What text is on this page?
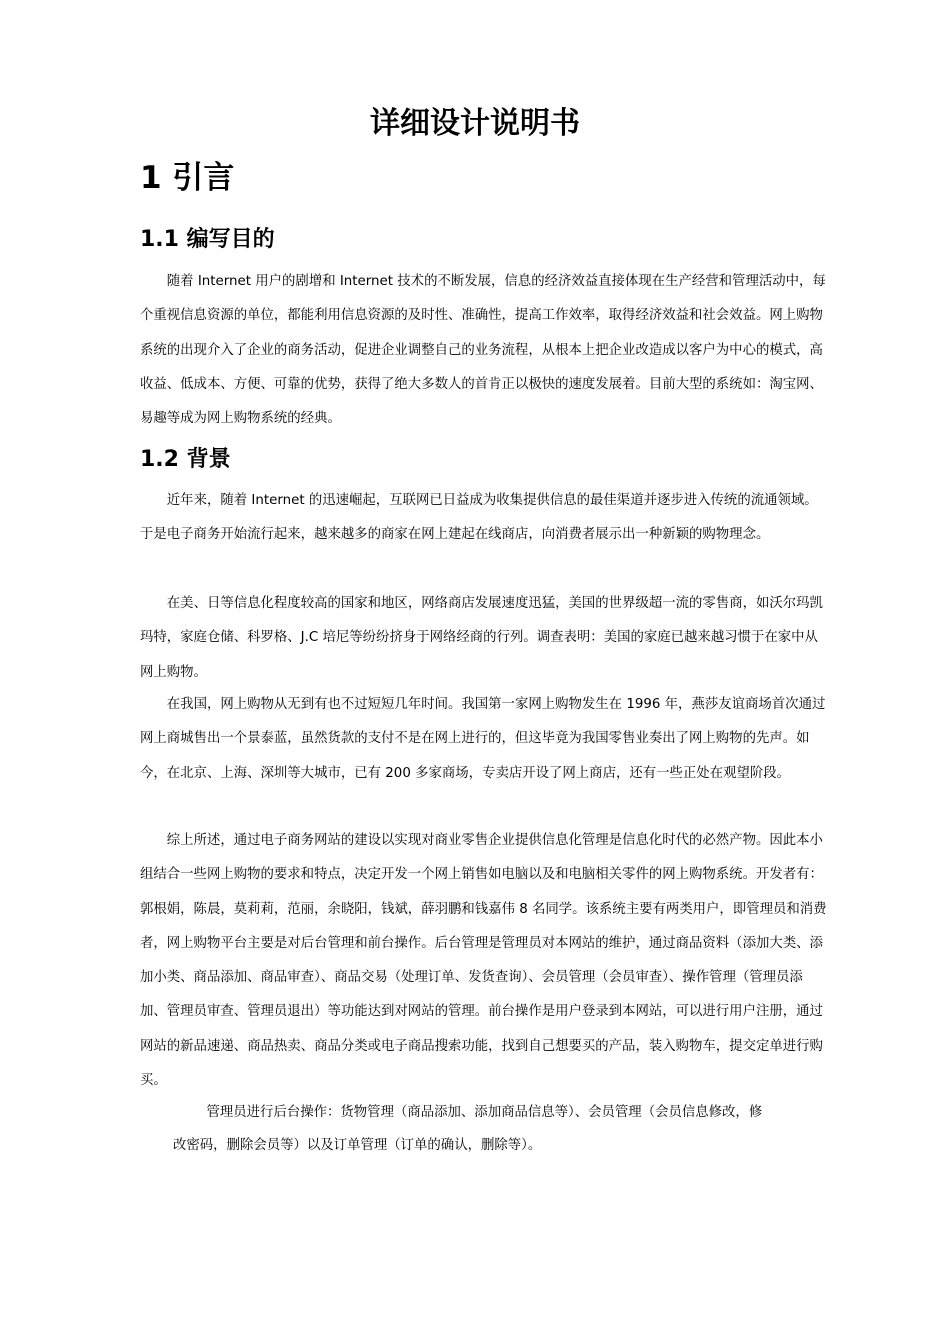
详细设计说明书
1 引言
1.1 编写目的

随着 Internet 用户的剧增和 Internet 技术的不断发展，信息的经济效益直接体现在生产经营和管理活动中，每个重视信息资源的单位，都能利用信息资源的及时性、准确性，提高工作效率，取得经济效益和社会效益。网上购物系统的出现介入了企业的商务活动，促进企业调整自己的业务流程，从根本上把企业改造成以客户为中心的模式，高收益、低成本、方便、可靠的优势，获得了绝大多数人的首肯正以极快的速度发展着。目前大型的系统如：淘宝网、易趣等成为网上购物系统的经典。

1.2 背景

近年来，随着 Internet 的迅速崛起，互联网已日益成为收集提供信息的最佳渠道并逐步进入传统的流通领域。于是电子商务开始流行起来，越来越多的商家在网上建起在线商店，向消费者展示出一种新颖的购物理念。

在美、日等信息化程度较高的国家和地区，网络商店发展速度迅猛，美国的世界级超一流的零售商，如沃尔玛凯玛特，家庭仓储、科罗格、J.C 培尼等纷纷挤身于网络经商的行列。调查表明：美国的家庭已越来越习惯于在家中从网上购物。

在我国，网上购物从无到有也不过短短几年时间。我国第一家网上购物发生在 1996 年，燕莎友谊商场首次通过网上商城售出一个景泰蓝，虽然货款的支付不是在网上进行的，但这毕竟为我国零售业奏出了网上购物的先声。如今，在北京、上海、深圳等大城市，已有 200 多家商场，专卖店开设了网上商店，还有一些正处在观望阶段。

综上所述，通过电子商务网站的建设以实现对商业零售企业提供信息化管理是信息化时代的必然产物。因此本小组结合一些网上购物的要求和特点，决定开发一个网上销售如电脑以及和电脑相关零件的网上购物系统。开发者有：郭根娟，陈晨，莫莉莉，范丽，余晓阳，钱斌，薛羽鹏和钱嘉伟 8 名同学。该系统主要有两类用户，即管理员和消费者，网上购物平台主要是对后台管理和前台操作。后台管理是管理员对本网站的维护，通过商品资料（添加大类、添加小类、商品添加、商品审查）、商品交易（处理订单、发货查询）、会员管理（会员审查）、操作管理（管理员添加、管理员审查、管理员退出）等功能达到对网站的管理。前台操作是用户登录到本网站，可以进行用户注册，通过网站的新品速递、商品热卖、商品分类或电子商品搜索功能，找到自己想要买的产品，装入购物车，提交定单进行购买。

管理员进行后台操作：货物管理（商品添加、添加商品信息等）、会员管理（会员信息修改，修改密码，删除会员等）以及订单管理（订单的确认，删除等）。
